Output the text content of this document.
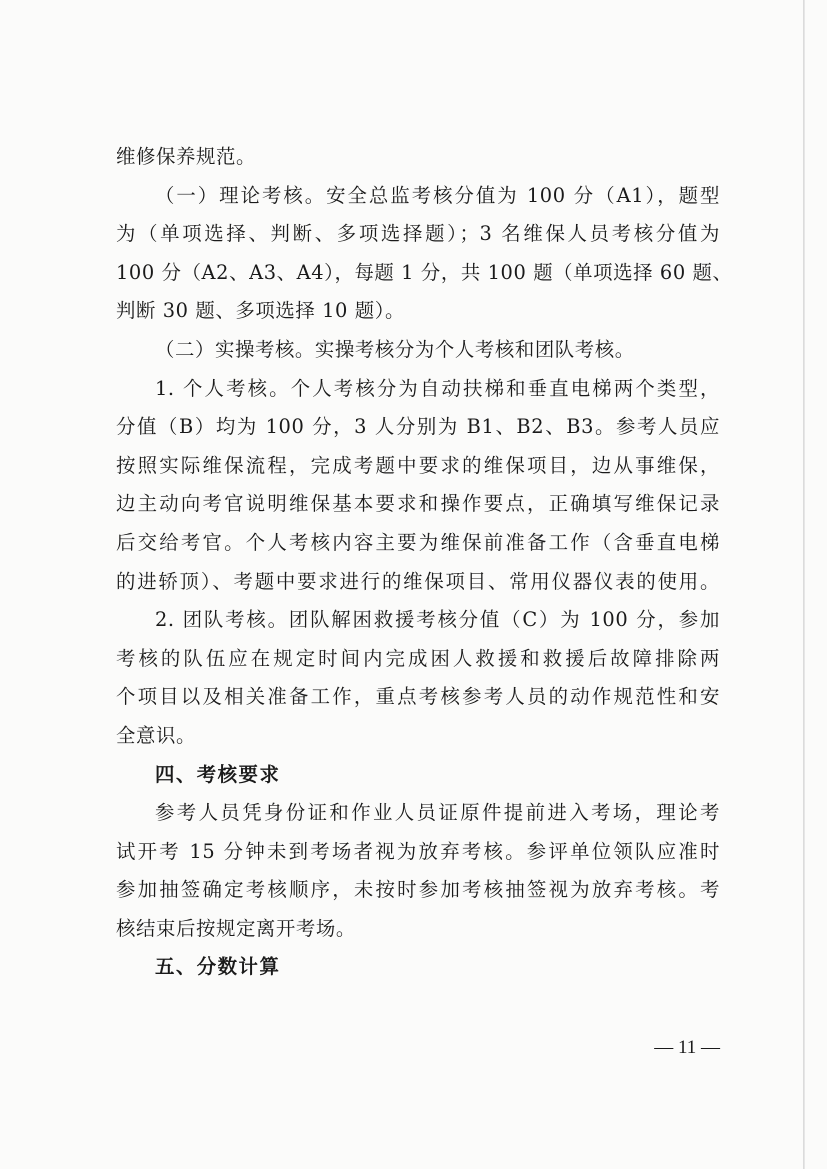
维修保养规范。
（一）理论考核。安全总监考核分值为 100 分（A1），题型
为（单项选择、判断、多项选择题）；3 名维保人员考核分值为
100 分（A2、A3、A4），每题 1 分，共 100 题（单项选择 60 题、
判断 30 题、多项选择 10 题）。
（二）实操考核。实操考核分为个人考核和团队考核。
1. 个人考核。个人考核分为自动扶梯和垂直电梯两个类型，
分值（B）均为 100 分，3 人分别为 B1、B2、B3。参考人员应
按照实际维保流程，完成考题中要求的维保项目，边从事维保，
边主动向考官说明维保基本要求和操作要点，正确填写维保记录
后交给考官。个人考核内容主要为维保前准备工作（含垂直电梯
的进轿顶）、考题中要求进行的维保项目、常用仪器仪表的使用。
2. 团队考核。团队解困救援考核分值（C）为 100 分，参加
考核的队伍应在规定时间内完成困人救援和救援后故障排除两
个项目以及相关准备工作，重点考核参考人员的动作规范性和安
全意识。
四、考核要求
参考人员凭身份证和作业人员证原件提前进入考场，理论考
试开考 15 分钟未到考场者视为放弃考核。参评单位领队应准时
参加抽签确定考核顺序，未按时参加考核抽签视为放弃考核。考
核结束后按规定离开考场。
五、分数计算
— 11 —
